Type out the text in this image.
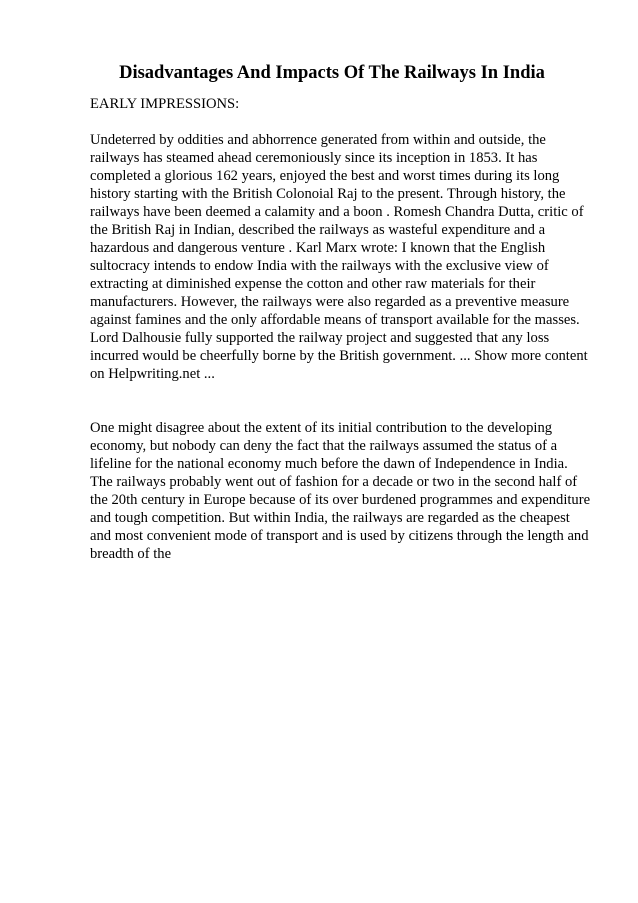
Disadvantages And Impacts Of The Railways In India

EARLY IMPRESSIONS:

Undeterred by oddities and abhorrence generated from within and outside, the
railways has steamed ahead ceremoniously since its inception in 1853. It has
completed a glorious 162 years, enjoyed the best and worst times during its long
history starting with the British Colonoial Raj to the present. Through history, the
railways have been deemed a calamity and a boon . Romesh Chandra Dutta, critic of
the British Raj in Indian, described the railways as wasteful expenditure and a
hazardous and dangerous venture . Karl Marx wrote: I known that the English
sultocracy intends to endow India with the railways with the exclusive view of
extracting at diminished expense the cotton and other raw materials for their
manufacturers. However, the railways were also regarded as a preventive measure
against famines and the only affordable means of transport available for the masses.
Lord Dalhousie fully supported the railway project and suggested that any loss
incurred would be cheerfully borne by the British government. ... Show more content
on Helpwriting.net ...

One might disagree about the extent of its initial contribution to the developing
economy, but nobody can deny the fact that the railways assumed the status of a
lifeline for the national economy much before the dawn of Independence in India.
The railways probably went out of fashion for a decade or two in the second half of
the 20th century in Europe because of its over burdened programmes and expenditure
and tough competition. But within India, the railways are regarded as the cheapest
and most convenient mode of transport and is used by citizens through the length and
breadth of the
